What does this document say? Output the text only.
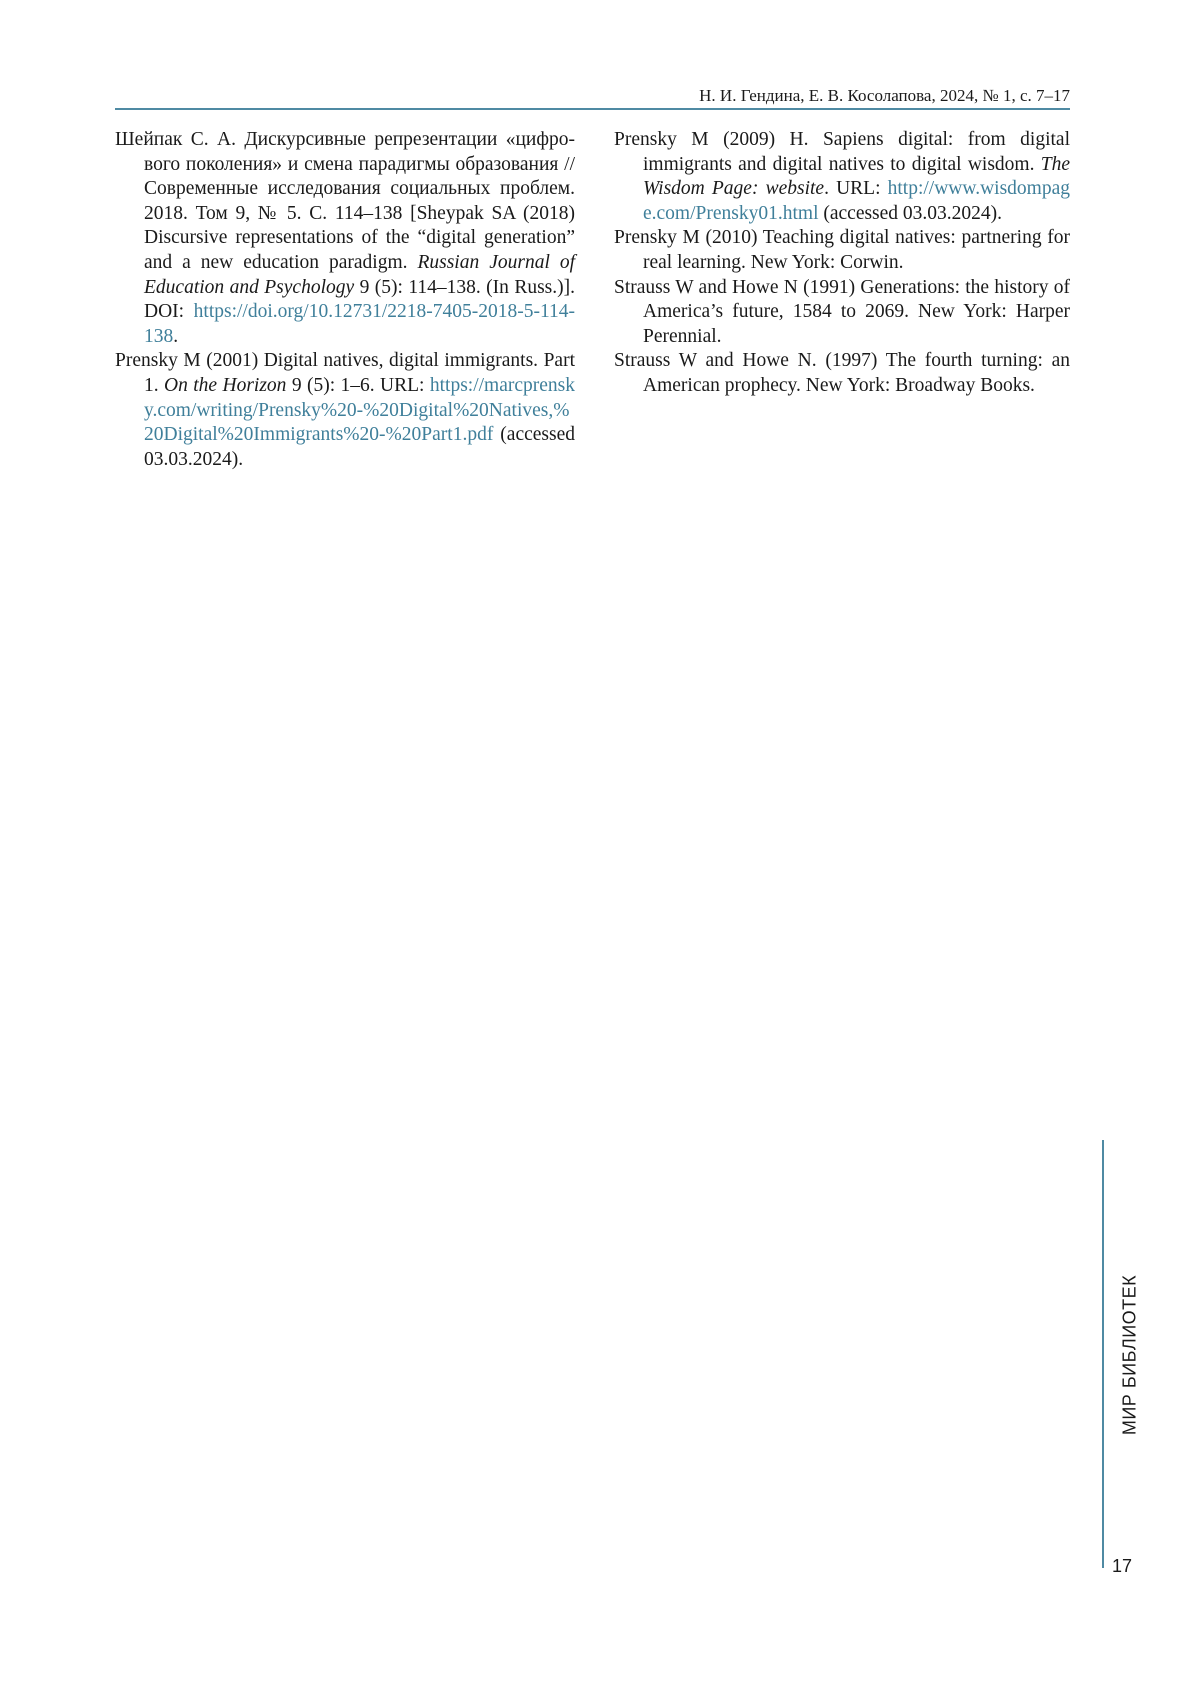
Н. И. Гендина, Е. В. Косолапова, 2024, № 1, с. 7–17

Шейпак С. А. Дискурсивные репрезентации «цифрового поколения» и смена парадигмы образования // Современные исследования социальных проблем. 2018. Том 9, № 5. С. 114–138 [Sheypak SA (2018) Discursive representations of the “digital generation” and a new education paradigm. Russian Journal of Education and Psychology 9 (5): 114–138. (In Russ.)]. DOI: https://doi.org/10.12731/2218-7405-2018-5-114-138.

Prensky M (2001) Digital natives, digital immigrants. Part 1. On the Horizon 9 (5): 1–6. URL: https://marcprensky.com/writing/Prensky%20-%20Digital%20Natives,%20Digital%20Immigrants%20-%20Part1.pdf (accessed 03.03.2024).

Prensky M (2009) H. Sapiens digital: from digital immigrants and digital natives to digital wisdom. The Wisdom Page: website. URL: http://www.wisdompage.com/Prensky01.html (accessed 03.03.2024).

Prensky M (2010) Teaching digital natives: partnering for real learning. New York: Corwin.

Strauss W and Howe N (1991) Generations: the history of America’s future, 1584 to 2069. New York: Harper Perennial.

Strauss W and Howe N. (1997) The fourth turning: an American prophecy. New York: Broadway Books.

МИР БИБЛИОТЕК
17
